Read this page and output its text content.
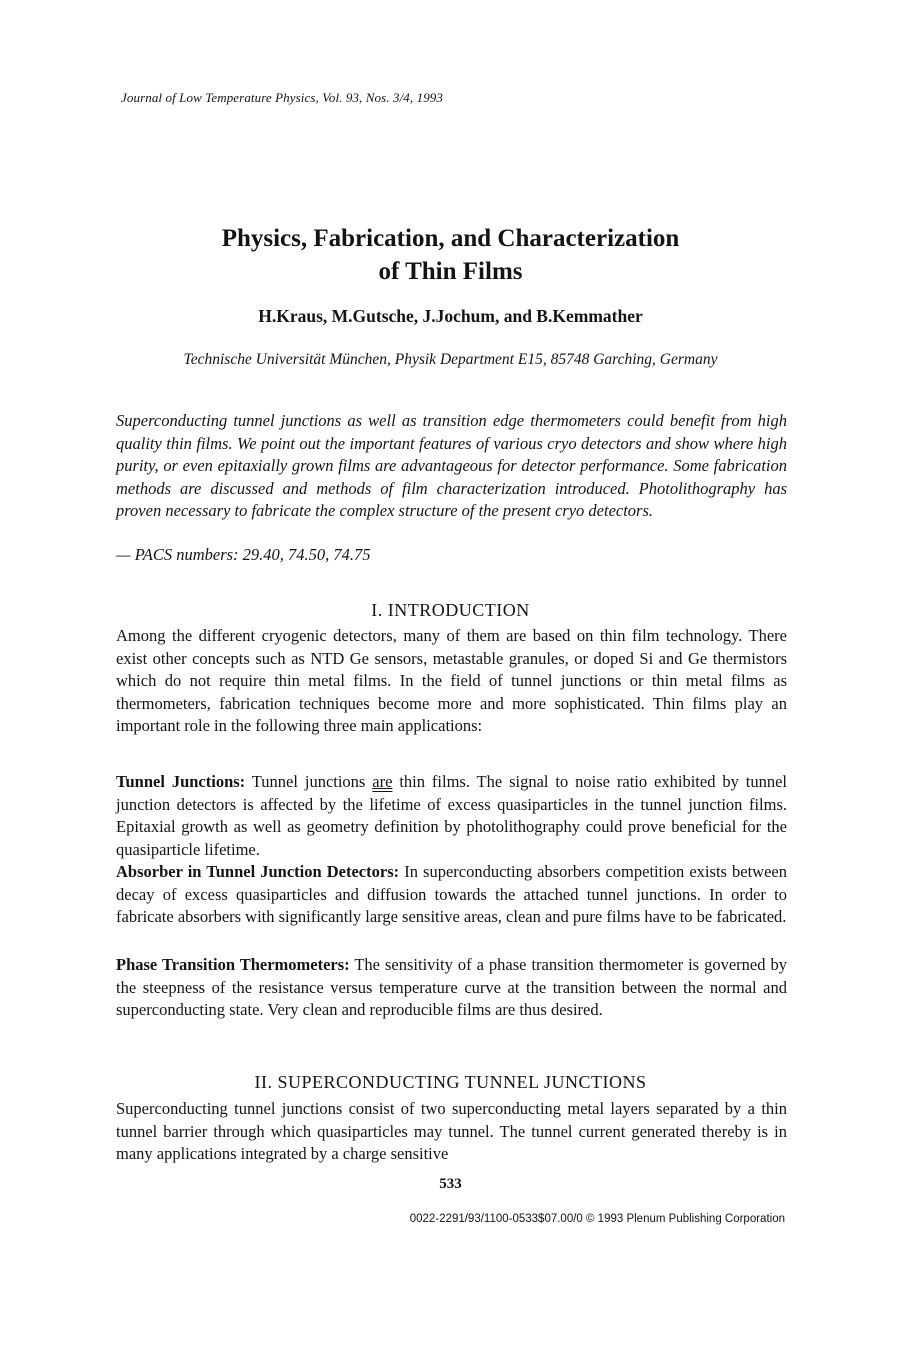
Journal of Low Temperature Physics, Vol. 93, Nos. 3/4, 1993
Physics, Fabrication, and Characterization
of Thin Films
H.Kraus, M.Gutsche, J.Jochum, and B.Kemmather
Technische Universität München, Physik Department E15, 85748 Garching, Germany
Superconducting tunnel junctions as well as transition edge thermometers could benefit from high quality thin films. We point out the important features of various cryo detectors and show where high purity, or even epitaxially grown films are advantageous for detector performance. Some fabrication methods are discussed and methods of film characterization introduced. Photolithography has proven necessary to fabricate the complex structure of the present cryo detectors.
— PACS numbers: 29.40, 74.50, 74.75
I. INTRODUCTION
Among the different cryogenic detectors, many of them are based on thin film technology. There exist other concepts such as NTD Ge sensors, metastable granules, or doped Si and Ge thermistors which do not require thin metal films. In the field of tunnel junctions or thin metal films as thermometers, fabrication techniques become more and more sophisticated. Thin films play an important role in the following three main applications:
Tunnel Junctions: Tunnel junctions are thin films. The signal to noise ratio exhibited by tunnel junction detectors is affected by the lifetime of excess quasiparticles in the tunnel junction films. Epitaxial growth as well as geometry definition by photolithography could prove beneficial for the quasiparticle lifetime.
Absorber in Tunnel Junction Detectors: In superconducting absorbers competition exists between decay of excess quasiparticles and diffusion towards the attached tunnel junctions. In order to fabricate absorbers with significantly large sensitive areas, clean and pure films have to be fabricated.
Phase Transition Thermometers: The sensitivity of a phase transition thermometer is governed by the steepness of the resistance versus temperature curve at the transition between the normal and superconducting state. Very clean and reproducible films are thus desired.
II. SUPERCONDUCTING TUNNEL JUNCTIONS
Superconducting tunnel junctions consist of two superconducting metal layers separated by a thin tunnel barrier through which quasiparticles may tunnel. The tunnel current generated thereby is in many applications integrated by a charge sensitive
533
0022-2291/93/1100-0533$07.00/0 © 1993 Plenum Publishing Corporation
